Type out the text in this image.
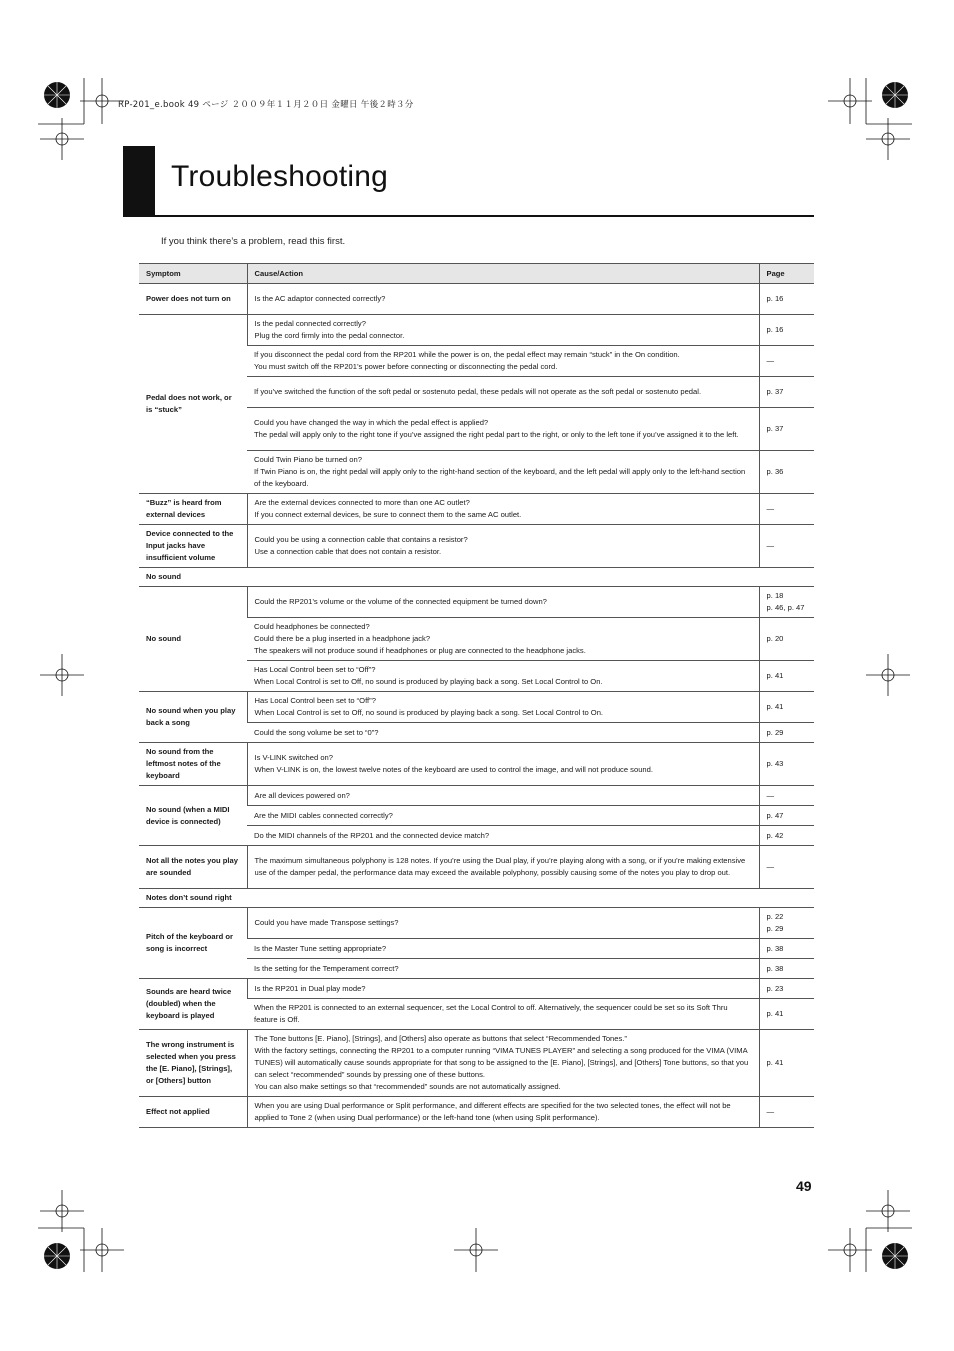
RP-201_e.book 49 ページ ２００９年１１月２０日 金曜日 午後２時３分
Troubleshooting
If you think there’s a problem, read this first.
Symptom	Cause/Action	Page
Power does not turn on	Is the AC adaptor connected correctly?	p. 16
Pedal does not work, or is “stuck”	Is the pedal connected correctly?
Plug the cord firmly into the pedal connector.	p. 16
	If you disconnect the pedal cord from the RP201 while the power is on, the pedal effect may remain “stuck” in the On condition.
You must switch off the RP201’s power before connecting or disconnecting the pedal cord.	—
	If you’ve switched the function of the soft pedal or sostenuto pedal, these pedals will not operate as the soft pedal or sostenuto pedal.	p. 37
	Could you have changed the way in which the pedal effect is applied?
The pedal will apply only to the right tone if you’ve assigned the right pedal part to the right, or only to the left tone if you’ve assigned it to the left.	p. 37
	Could Twin Piano be turned on?
If Twin Piano is on, the right pedal will apply only to the right-hand section of the keyboard, and the left pedal will apply only to the left-hand section of the keyboard.	p. 36
“Buzz” is heard from external devices	Are the external devices connected to more than one AC outlet?
If you connect external devices, be sure to connect them to the same AC outlet.	—
Device connected to the Input jacks have insufficient volume	Could you be using a connection cable that contains a resistor?
Use a connection cable that does not contain a resistor.	—
No sound		
No sound	Could the RP201’s volume or the volume of the connected equipment be turned down?	p. 18
p. 46, p. 47
	Could headphones be connected?
Could there be a plug inserted in a headphone jack?
The speakers will not produce sound if headphones or plug are connected to the headphone jacks.	p. 20
	Has Local Control been set to “Off”?
When Local Control is set to Off, no sound is produced by playing back a song. Set Local Control to On.	p. 41
No sound when you play back a song	Has Local Control been set to “Off”?
When Local Control is set to Off, no sound is produced by playing back a song. Set Local Control to On.	p. 41
	Could the song volume be set to “0”?	p. 29
No sound from the leftmost notes of the keyboard	Is V-LINK switched on?
When V-LINK is on, the lowest twelve notes of the keyboard are used to control the image, and will not produce sound.	p. 43
No sound (when a MIDI device is connected)	Are all devices powered on?	—
	Are the MIDI cables connected correctly?	p. 47
	Do the MIDI channels of the RP201 and the connected device match?	p. 42
Not all the notes you play are sounded	The maximum simultaneous polyphony is 128 notes. If you’re using the Dual play, if you’re playing along with a song, or if you’re making extensive use of the damper pedal, the performance data may exceed the available polyphony, possibly causing some of the notes you play to drop out.	—
Notes don’t sound right		
Pitch of the keyboard or song is incorrect	Could you have made Transpose settings?	p. 22
p. 29
	Is the Master Tune setting appropriate?	p. 38
	Is the setting for the Temperament correct?	p. 38
Sounds are heard twice (doubled) when the keyboard is played	Is the RP201 in Dual play mode?	p. 23
	When the RP201 is connected to an external sequencer, set the Local Control to off. Alternatively, the sequencer could be set so its Soft Thru feature is Off.	p. 41
The wrong instrument is selected when you press the [E. Piano], [Strings], or [Others] button	The Tone buttons [E. Piano], [Strings], and [Others] also operate as buttons that select “Recommended Tones.”
With the factory settings, connecting the RP201 to a computer running “VIMA TUNES PLAYER” and selecting a song produced for the VIMA (VIMA TUNES) will automatically cause sounds appropriate for that song to be assigned to the [E. Piano], [Strings], and [Others] Tone buttons, so that you can select “recommended” sounds by pressing one of these buttons.
You can also make settings so that “recommended” sounds are not automatically assigned.	p. 41
Effect not applied	When you are using Dual performance or Split performance, and different effects are specified for the two selected tones, the effect will not be applied to Tone 2 (when using Dual performance) or the left-hand tone (when using Split performance).	—
49
